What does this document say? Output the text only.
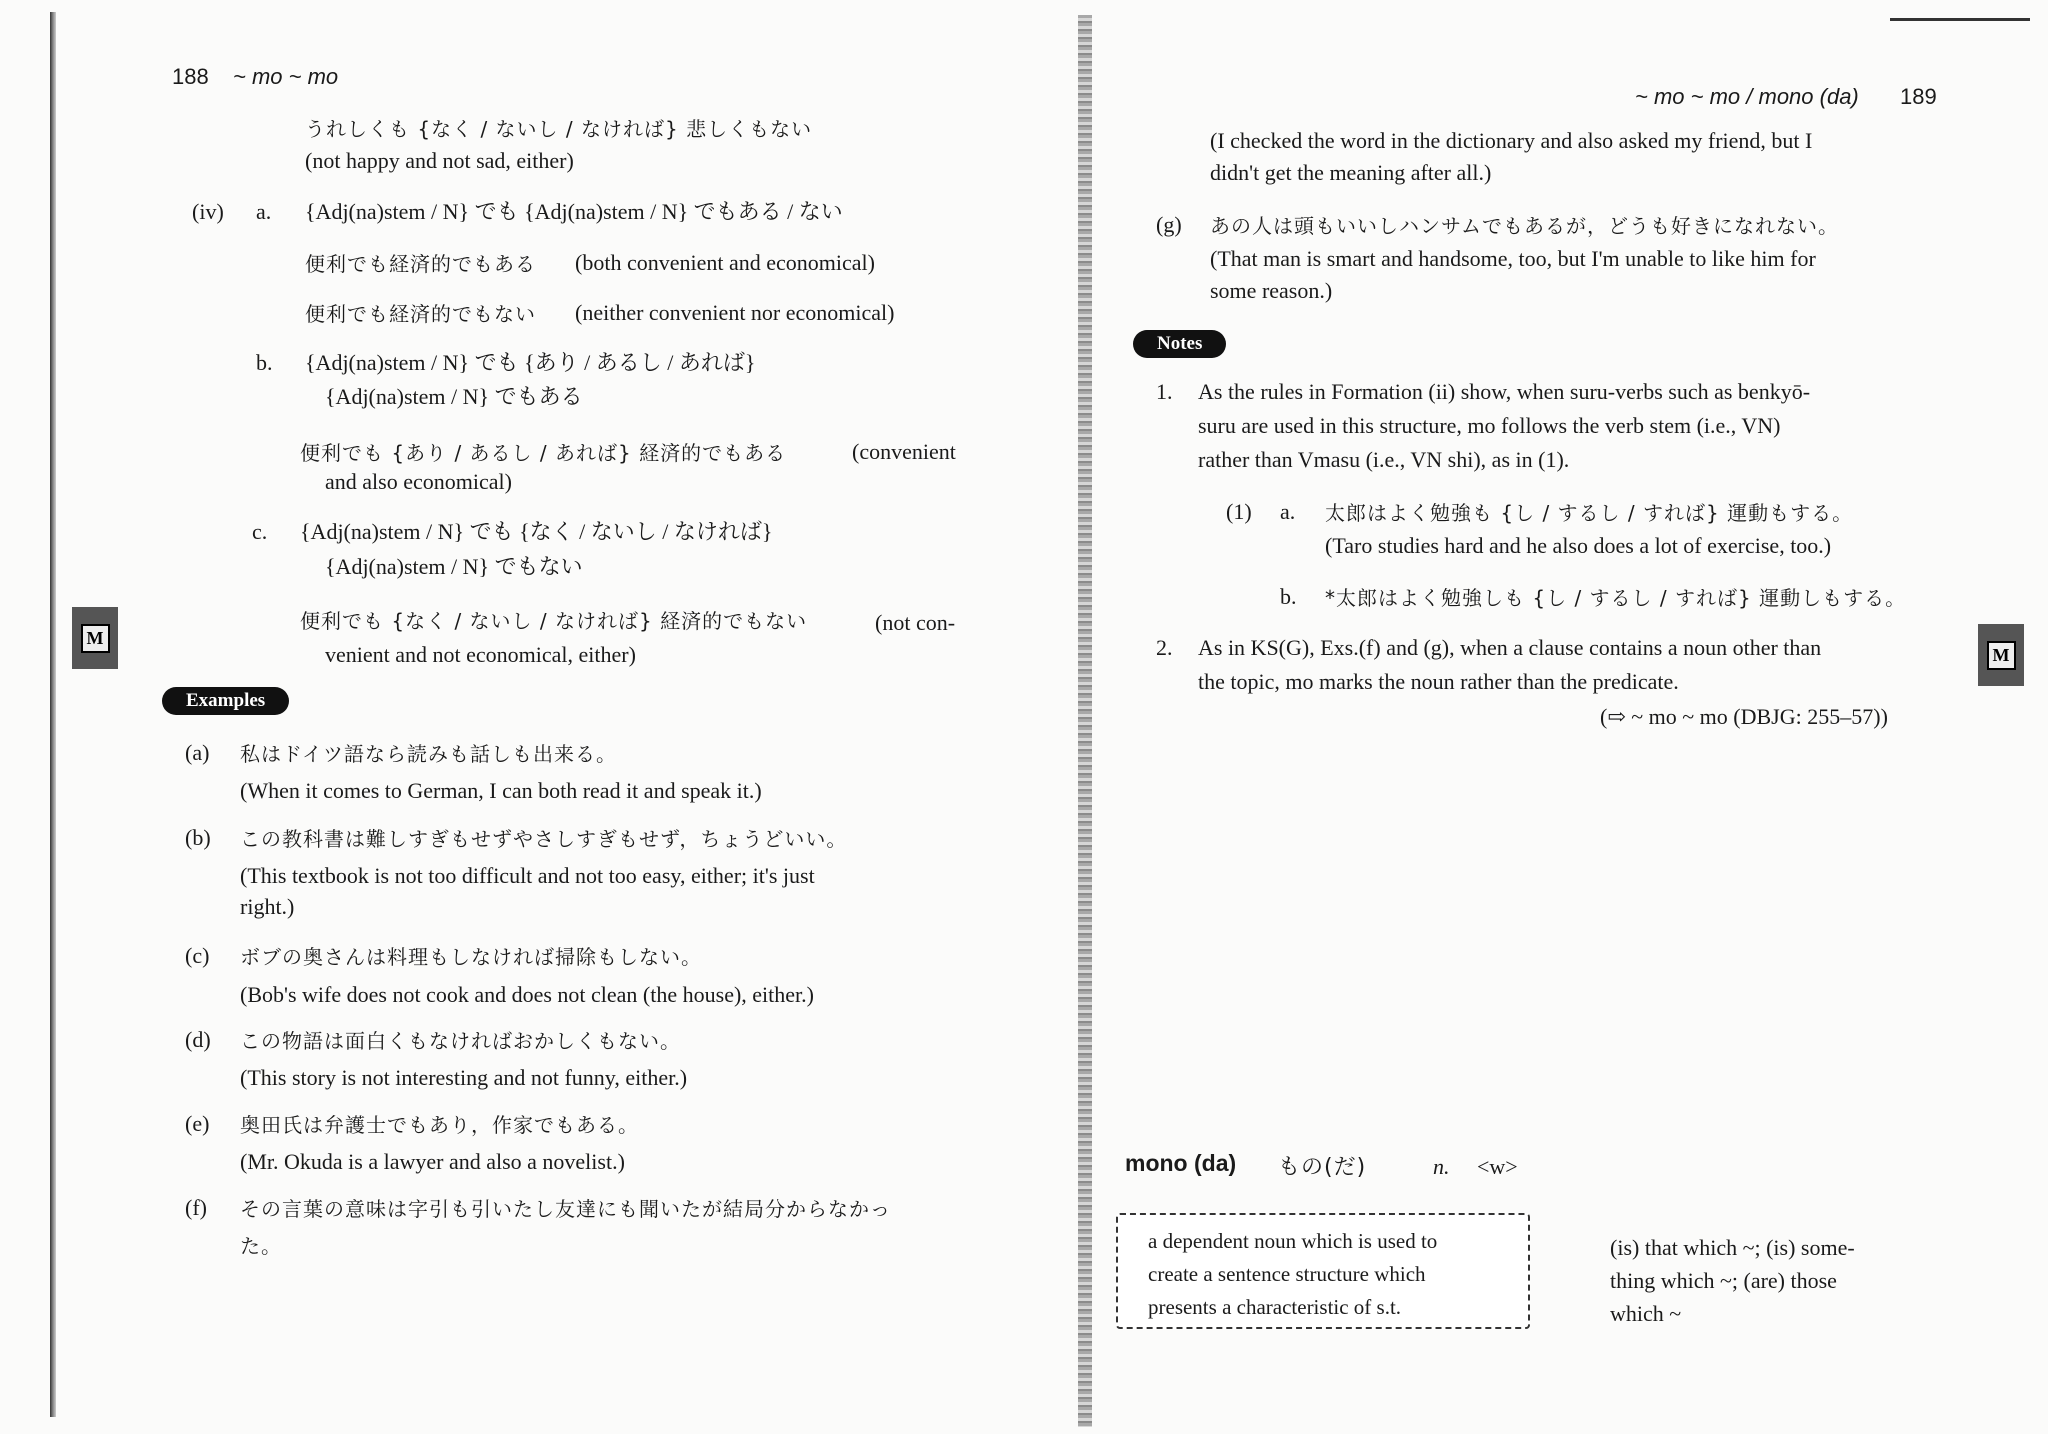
188 ~ mo ~ mo
うれしくも {なく / ないし / なければ} 悲しくもない
(not happy and not sad, either)
(iv) a. {Adj(na)stem / N} でも {Adj(na)stem / N} でもある / ない
便利でも経済的でもある (both convenient and economical)
便利でも経済的でもない (neither convenient nor economical)
b. {Adj(na)stem / N} でも {あり / あるし / あれば}
{Adj(na)stem / N} でもある
便利でも {あり / あるし / あれば} 経済的でもある	(convenient
and also economical)
c. {Adj(na)stem / N} でも {なく / ないし / なければ}
{Adj(na)stem / N} でもない
便利でも {なく / ないし / なければ} 経済的でもない	(not con-
venient and not economical, either)
M
Examples
(a) 私はドイツ語なら読みも話しも出来る。
(When it comes to German, I can both read it and speak it.)
(b) この教科書は難しすぎもせずやさしすぎもせず，ちょうどいい。
(This textbook is not too difficult and not too easy, either; it's just
right.)
(c) ボブの奥さんは料理もしなければ掃除もしない。
(Bob's wife does not cook and does not clean (the house), either.)
(d) この物語は面白くもなければおかしくもない。
(This story is not interesting and not funny, either.)
(e) 奥田氏は弁護士でもあり，作家でもある。
(Mr. Okuda is a lawyer and also a novelist.)
(f) その言葉の意味は字引も引いたし友達にも聞いたが結局分からなかっ
た。
~ mo ~ mo / mono (da) 189
(I checked the word in the dictionary and also asked my friend, but I
didn't get the meaning after all.)
(g) あの人は頭もいいしハンサムでもあるが，どうも好きになれない。
(That man is smart and handsome, too, but I'm unable to like him for
some reason.)
Notes
1. As the rules in Formation (ii) show, when suru-verbs such as benkyō-
suru are used in this structure, mo follows the verb stem (i.e., VN)
rather than Vmasu (i.e., VN shi), as in (1).
(1) a. 太郎はよく勉強も {し / するし / すれば} 運動もする。
(Taro studies hard and he also does a lot of exercise, too.)
b. *太郎はよく勉強しも {し / するし / すれば} 運動しもする。
2. As in KS(G), Exs.(f) and (g), when a clause contains a noun other than
the topic, mo marks the noun rather than the predicate.
(⇨ ~ mo ~ mo (DBJG: 255–57))
M
mono (da) もの(だ)	n. <w>
a dependent noun which is used to
create a sentence structure which
presents a characteristic of s.t.
(is) that which ~; (is) some-
thing which ~; (are) those
which ~
